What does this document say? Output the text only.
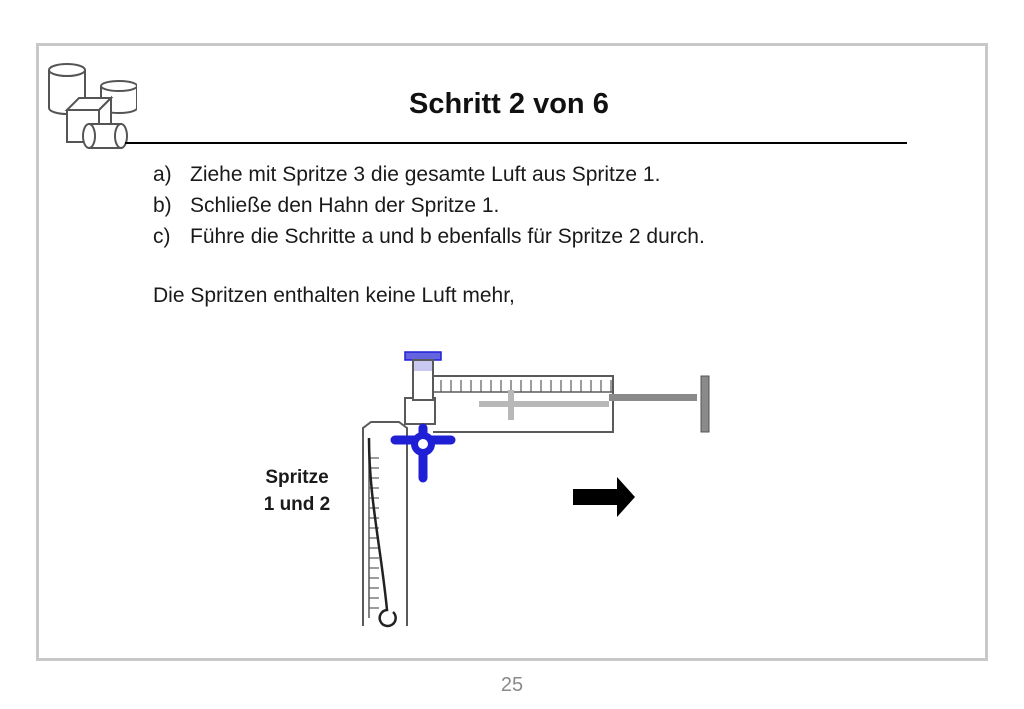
Schritt 2 von 6
a) Ziehe mit Spritze 3 die gesamte Luft aus Spritze 1.
b) Schließe den Hahn der Spritze 1.
c) Führe die Schritte a und b ebenfalls für Spritze 2 durch.
Die Spritzen enthalten keine Luft mehr,
Spritze
1 und 2
25
